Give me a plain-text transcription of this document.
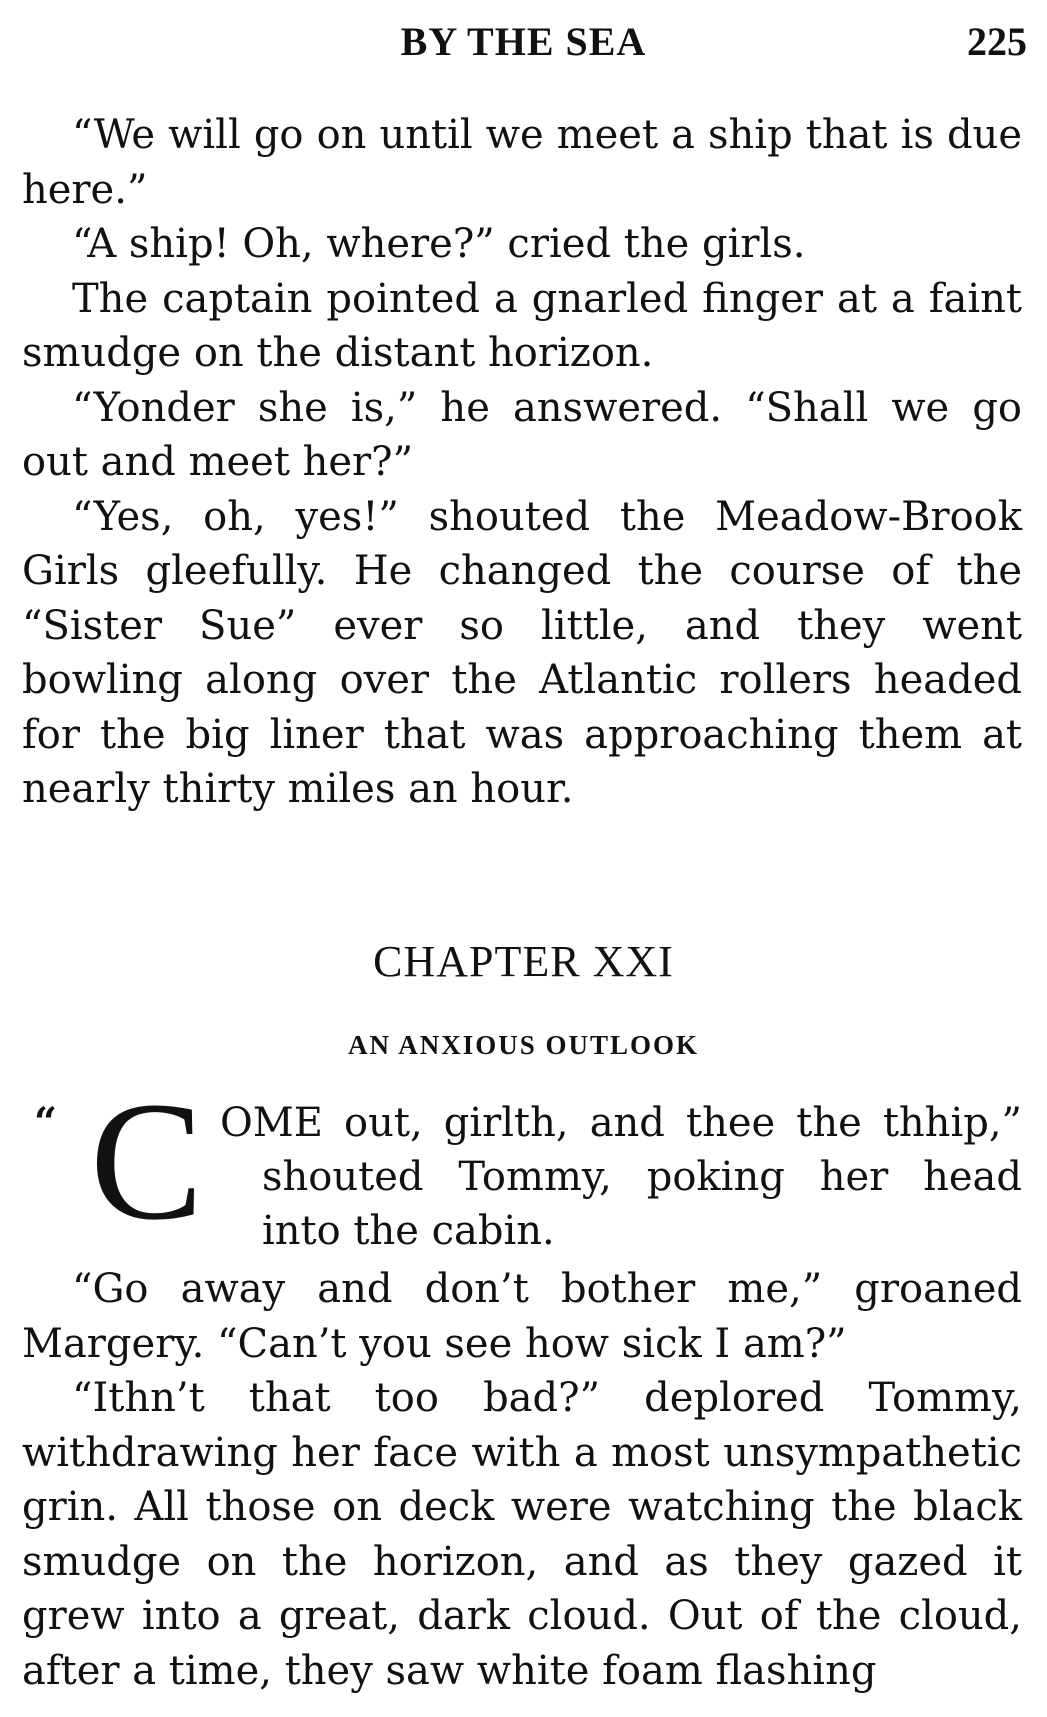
BY THE SEA	225

“We will go on until we meet a ship that is due here.”

“A ship! Oh, where?” cried the girls.

The captain pointed a gnarled finger at a faint smudge on the distant horizon.

“Yonder she is,” he answered. “Shall we go out and meet her?”

“Yes, oh, yes!” shouted the Meadow-Brook Girls gleefully. He changed the course of the “Sister Sue” ever so little, and they went bowling along over the Atlantic rollers headed for the big liner that was approaching them at nearly thirty miles an hour.

CHAPTER XXI
AN ANXIOUS OUTLOOK
“ C OME out, girlth, and thee the thhip,”
shouted Tommy, poking her head
into the cabin.

“Go away and don’t bother me,” groaned Margery. “Can’t you see how sick I am?”

“Ithn’t that too bad?” deplored Tommy, withdrawing her face with a most unsympathetic grin. All those on deck were watching the black smudge on the horizon, and as they gazed it grew into a great, dark cloud. Out of the cloud, after a time, they saw white foam flashing
